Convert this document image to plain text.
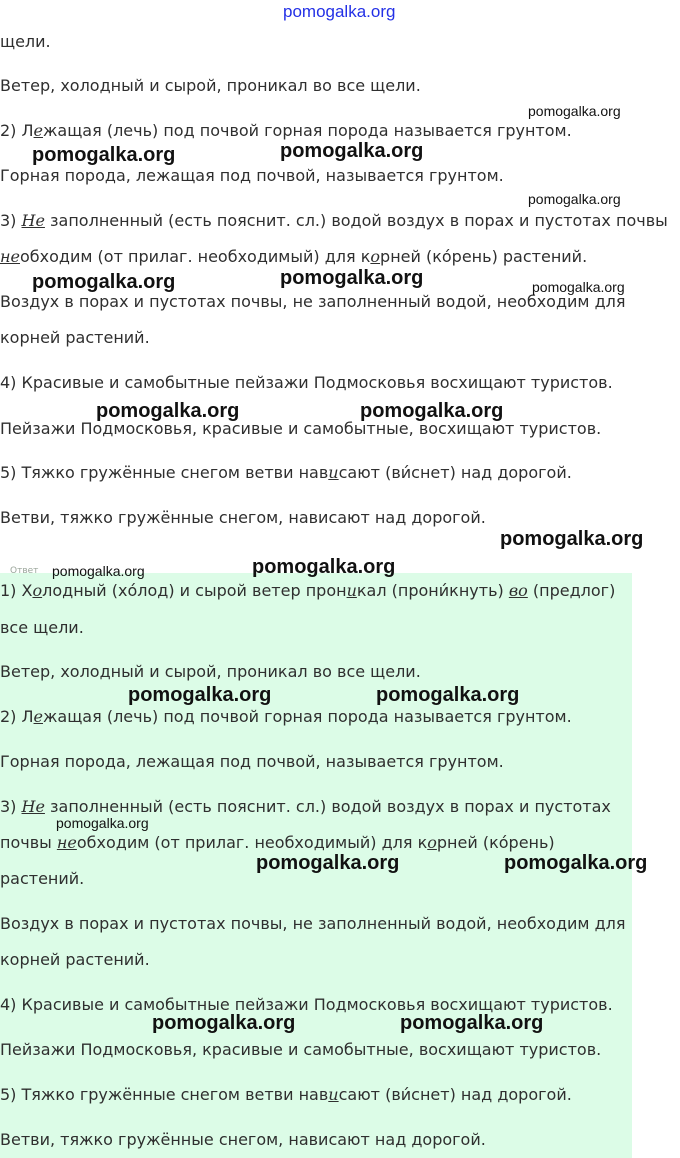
Ответ
щели.
Ветер, холодный и сырой, проникал во все щели.
2) Лежащая (лечь) под почвой горная порода называется грунтом.
Горная порода, лежащая под почвой, называется грунтом.
3) Не заполненный (есть пояснит. сл.) водой воздух в порах и пустотах почвы
необходим (от прилаг. необходимый) для корней (ко́рень) растений.
Воздух в порах и пустотах почвы, не заполненный водой, необходим для
корней растений.
4) Красивые и самобытные пейзажи Подмосковья восхищают туристов.
Пейзажи Подмосковья, красивые и самобытные, восхищают туристов.
5) Тяжко гружённые снегом ветви нависают (ви́снет) над дорогой.
Ветви, тяжко гружённые снегом, нависают над дорогой.
1) Холодный (хо́лод) и сырой ветер проникал (прони́кнуть) во (предлог)
все щели.
Ветер, холодный и сырой, проникал во все щели.
2) Лежащая (лечь) под почвой горная порода называется грунтом.
Горная порода, лежащая под почвой, называется грунтом.
3) Не заполненный (есть пояснит. сл.) водой воздух в порах и пустотах
почвы необходим (от прилаг. необходимый) для корней (ко́рень)
растений.
Воздух в порах и пустотах почвы, не заполненный водой, необходим для
корней растений.
4) Красивые и самобытные пейзажи Подмосковья восхищают туристов.
Пейзажи Подмосковья, красивые и самобытные, восхищают туристов.
5) Тяжко гружённые снегом ветви нависают (ви́снет) над дорогой.
Ветви, тяжко гружённые снегом, нависают над дорогой.
pomogalka.org
pomogalka.org
pomogalka.org	pomogalka.org
pomogalka.org
pomogalka.org	pomogalka.org	pomogalka.org
pomogalka.org	pomogalka.org
pomogalka.org
pomogalka.org	pomogalka.org
pomogalka.org	pomogalka.org
pomogalka.org
pomogalka.org	pomogalka.org
pomogalka.org	pomogalka.org
